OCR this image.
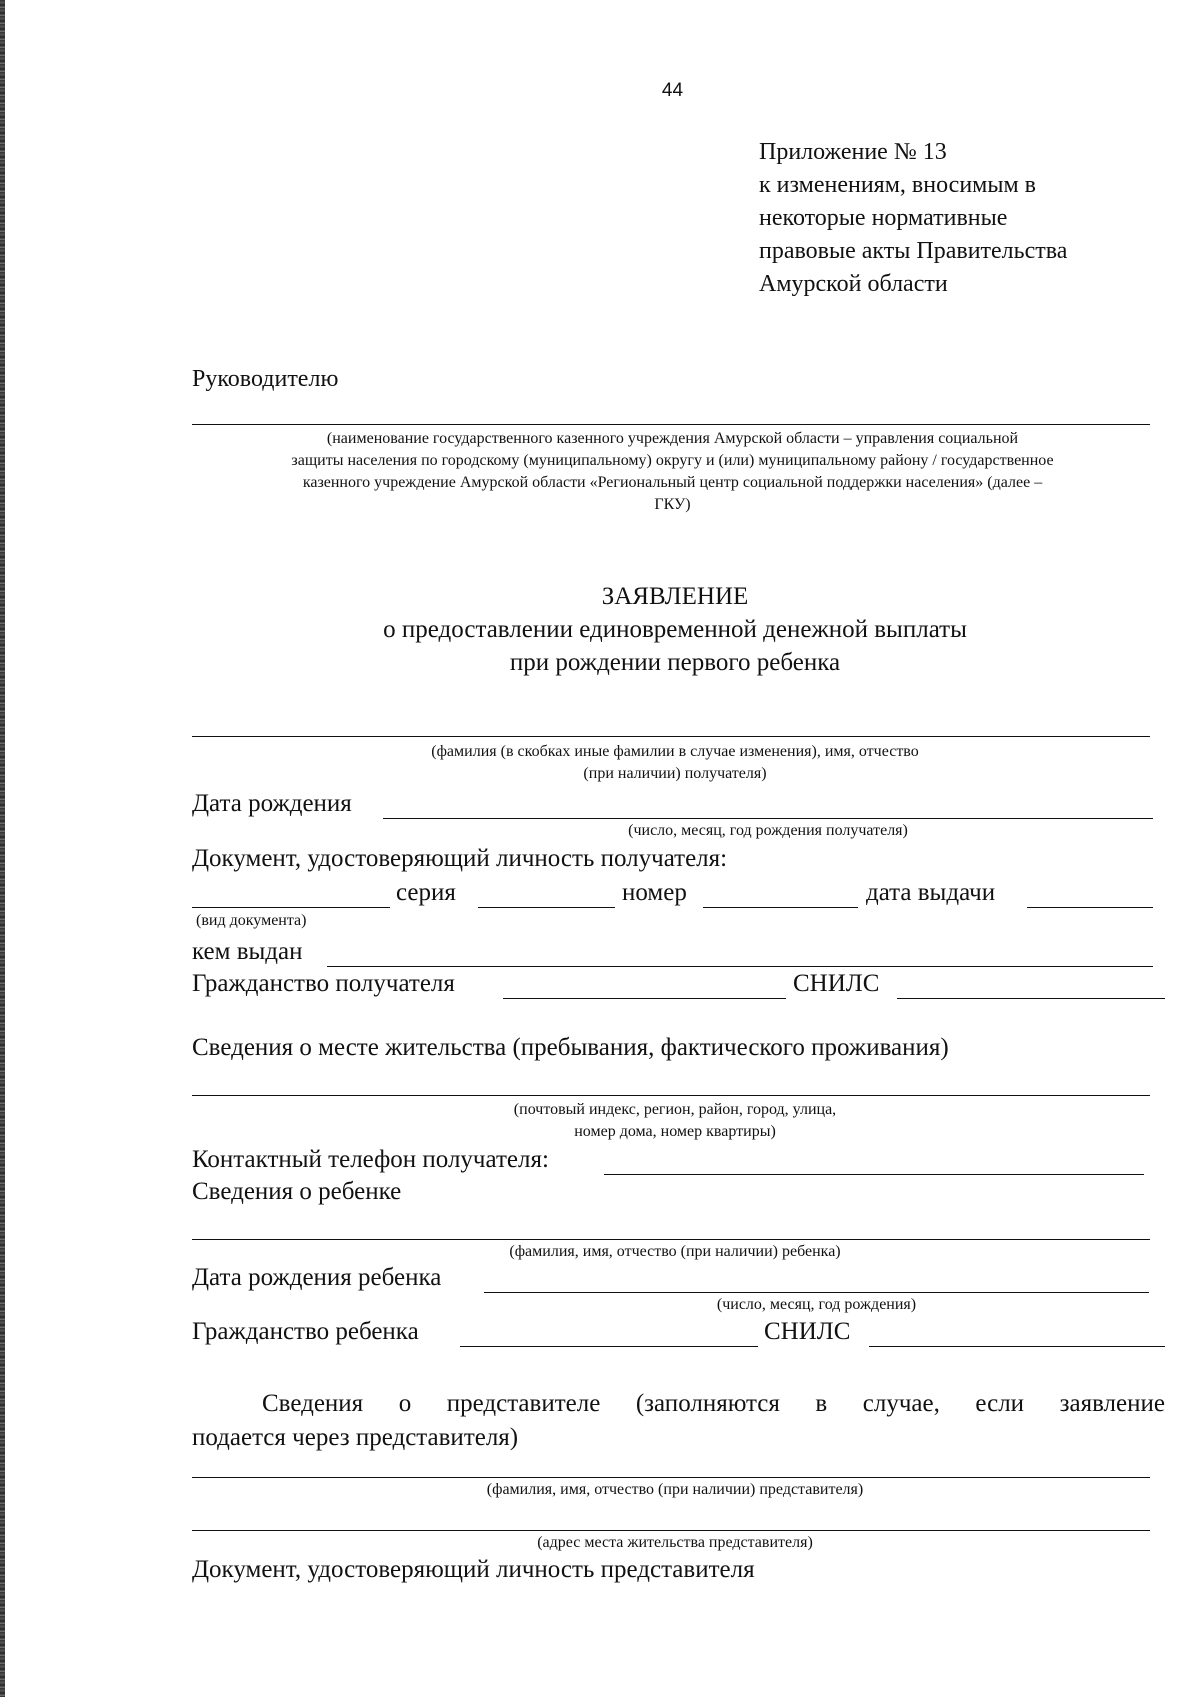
44
Приложение № 13
к изменениям, вносимым в
некоторые нормативные
правовые акты Правительства
Амурской области
Руководителю
(наименование государственного казенного учреждения Амурской области – управления социальной
защиты населения по городскому (муниципальному) округу и (или) муниципальному району / государственное
казенного учреждение Амурской области «Региональный центр социальной поддержки населения» (далее –
ГКУ)
ЗАЯВЛЕНИЕ
о предоставлении единовременной денежной выплаты
при рождении первого ребенка
(фамилия (в скобках иные фамилии в случае изменения), имя, отчество
(при наличии) получателя)
Дата рождения
(число, месяц, год рождения получателя)
Документ, удостоверяющий личность получателя:
серия	номер	дата выдачи
(вид документа)
кем выдан
Гражданство получателя	СНИЛС
Сведения о месте жительства (пребывания, фактического проживания)
(почтовый индекс, регион, район, город, улица,
номер дома, номер квартиры)
Контактный телефон получателя:
Сведения о ребенке
(фамилия, имя, отчество (при наличии) ребенка)
Дата рождения ребенка
(число, месяц, год рождения)
Гражданство ребенка	СНИЛС
Сведения о представителе (заполняются в случае, если заявление
подается через представителя)
(фамилия, имя, отчество (при наличии) представителя)
(адрес места жительства представителя)
Документ, удостоверяющий личность представителя
